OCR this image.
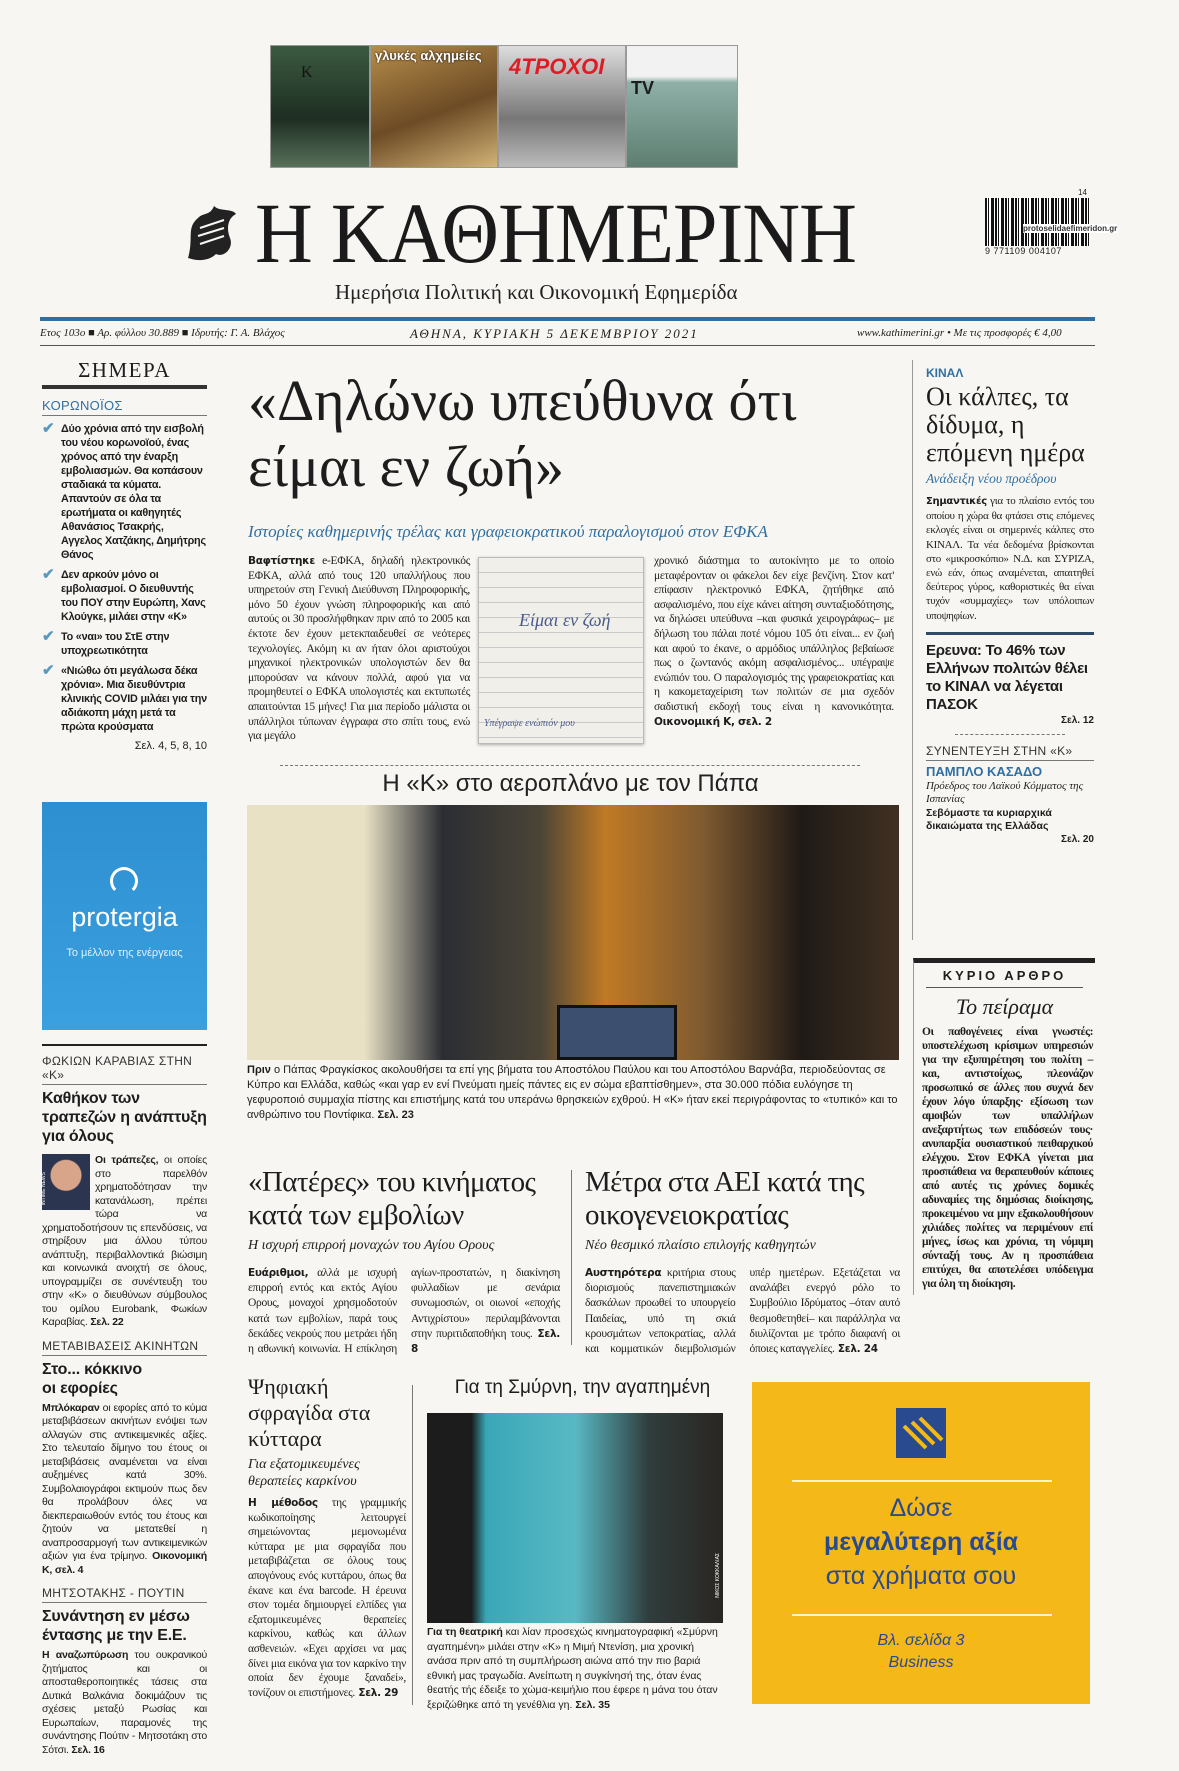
K
γλυκές αλχημείες 4ΤΡΟΧΟΙ
TV
Η ΚΑΘΗΜΕΡΙΝΗ
Ημερήσια Πολιτική και Οικονομική Εφημερίδα
protoselidaefimeridon.gr
9 771109 004107
14
Ετος 103ο ■ Αρ. φύλλου 30.889 ■ Ιδρυτής: Γ. Α. Βλάχος	ΑΘΗΝΑ, ΚΥΡΙΑΚΗ 5 ΔΕΚΕΜΒΡΙΟΥ 2021	www.kathimerini.gr • Με τις προσφορές € 4,00
ΣΗΜΕΡΑ
ΚΟΡΩΝΟΪΟΣ
✔ Δύο χρόνια από την εισβολή του νέου κορωνοϊού, ένας χρόνος από την έναρξη εμβολιασμών. Θα κοπάσουν σταδιακά τα κύματα. Απαντούν σε όλα τα ερωτήματα οι καθηγητές Αθανάσιος Τσακρής, Αγγελος Χατζάκης, Δημήτρης Θάνος
✔ Δεν αρκούν μόνο οι εμβολιασμοί. Ο διευθυντής του ΠΟΥ στην Ευρώπη, Χανς Κλούγκε, μιλάει στην «Κ»
✔ Το «ναι» του ΣτΕ στην υποχρεωτικότητα
✔ «Νιώθω ότι μεγάλωσα δέκα χρόνια». Μια διευθύντρια κλινικής COVID μιλάει για την αδιάκοπη μάχη μετά τα πρώτα κρούσματα
Σελ. 4, 5, 8, 10
protergia
Το μέλλον της ενέργειας
ΦΩΚΙΩΝ ΚΑΡΑΒΙΑΣ ΣΤΗΝ «Κ»
Καθήκον των τραπεζών η ανάπτυξη για όλους
INTIME NEWS
Οι τράπεζες, οι οποίες στο παρελθόν χρηματοδότησαν την κατανάλωση, πρέπει τώρα να χρηματοδοτήσουν τις επενδύσεις, να στηρίξουν μια άλλου τύπου ανάπτυξη, περιβαλλοντικά βιώσιμη και κοινωνικά ανοιχτή σε όλους, υπογραμμίζει σε συνέντευξη του στην «Κ» ο διευθύνων σύμβουλος του ομίλου Eurobank, Φωκίων Καραβίας. Σελ. 22
ΜΕΤΑΒΙΒΑΣΕΙΣ ΑΚΙΝΗΤΩΝ
Στο... κόκκινο οι εφορίες
Μπλόκαραν οι εφορίες από το κύμα μεταβιβάσεων ακινήτων ενόψει των αλλαγών στις αντικειμενικές αξίες. Στο τελευταίο δίμηνο του έτους οι μεταβιβάσεις αναμένεται να είναι αυξημένες κατά 30%. Συμβολαιογράφοι εκτιμούν πως δεν θα προλάβουν όλες να διεκπεραιωθούν εντός του έτους και ζητούν να μετατεθεί η αναπροσαρμογή των αντικειμενικών αξιών για ένα τρίμηνο. Οικονομική Κ, σελ. 4
ΜΗΤΣΟΤΑΚΗΣ - ΠΟΥΤΙΝ
Συνάντηση εν μέσω έντασης με την Ε.Ε.
Η αναζωπύρωση του ουκρανικού ζητήματος και οι αποσταθεροποιητικές τάσεις στα Δυτικά Βαλκάνια δοκιμάζουν τις σχέσεις μεταξύ Ρωσίας και Ευρωπαίων, παραμονές της συνάντησης Πούτιν - Μητσοτάκη στο Σότσι. Σελ. 16
«Δηλώνω υπεύθυνα ότι είμαι εν ζωή»
Ιστορίες καθημερινής τρέλας και γραφειοκρατικού παραλογισμού στον ΕΦΚΑ
Βαφτίστηκε e-ΕΦΚΑ, δηλαδή ηλεκτρονικός ΕΦΚΑ, αλλά από τους 120 υπαλλήλους που υπηρετούν στη Γενική Διεύθυνση Πληροφορικής, μόνο 50 έχουν γνώση πληροφορικής και από αυτούς οι 30 προσλήφθηκαν πριν από το 2005 και έκτοτε δεν έχουν μετεκπαιδευθεί σε νεότερες τεχνολογίες. Ακόμη κι αν ήταν όλοι αριστούχοι μηχανικοί ηλεκτρονικών υπολογιστών δεν θα μπορούσαν να κάνουν πολλά, αφού για να προμηθευτεί ο ΕΦΚΑ υπολογιστές και εκτυπωτές απαιτούνται 15 μήνες! Για μια περίοδο μάλιστα οι υπάλληλοι τύπωναν έγγραφα στο σπίτι τους, ενώ για μεγάλο
Είμαι εν ζωή
Υπέγραψε ενώπιόν μου
χρονικό διάστημα το αυτοκίνητο με το οποίο μεταφέρονταν οι φάκελοι δεν είχε βενζίνη. Στον κατ' επίφασιν ηλεκτρονικό ΕΦΚΑ, ζητήθηκε από ασφαλισμένο, που είχε κάνει αίτηση συνταξιοδότησης, να δηλώσει υπεύθυνα –και φυσικά χειρογράφως– με δήλωση του πάλαι ποτέ νόμου 105 ότι είναι... εν ζωή και αφού το έκανε, ο αρμόδιος υπάλληλος βεβαίωσε πως ο ζωντανός ακόμη ασφαλισμένος... υπέγραψε ενώπιόν του. Ο παραλογισμός της γραφειοκρατίας και η κακομεταχείριση των πολιτών σε μια σχεδόν σαδιστική εκδοχή τους είναι η κανονικότητα. Οικονομική Κ, σελ. 2
Η «Κ» στο αεροπλάνο με τον Πάπα
Πριν ο Πάπας Φραγκίσκος ακολουθήσει τα επί γης βήματα του Αποστόλου Παύλου και του Αποστόλου Βαρνάβα, περιοδεύοντας σε Κύπρο και Ελλάδα, καθώς «και γαρ εν ενί Πνεύματι ημείς πάντες εις εν σώμα εβαπτίσθημεν», στα 30.000 πόδια ευλόγησε τη γεφυροποιό συμμαχία πίστης και επιστήμης κατά του υπεράνω θρησκειών εχθρού. Η «Κ» ήταν εκεί περιγράφοντας το «τυπικό» και το ανθρώπινο του Ποντίφικα. Σελ. 23
«Πατέρες» του κινήματος κατά των εμβολίων
Η ισχυρή επιρροή μοναχών του Αγίου Ορους
Ευάριθμοι, αλλά με ισχυρή επιρροή εντός και εκτός Αγίου Ορους, μοναχοί χρησμοδοτούν κατά των εμβολίων, παρά τους δεκάδες νεκρούς που μετράει ήδη η αθωνική κοινωνία. Η επίκληση αγίων-προστατών, η διακίνηση φυλλαδίων με σενάρια συνωμοσιών, οι οιωνοί «εποχής Αντιχρίστου» περιλαμβάνονται στην πυριτιδαποθήκη τους. Σελ. 8
Μέτρα στα ΑΕΙ κατά της οικογενειοκρατίας
Νέο θεσμικό πλαίσιο επιλογής καθηγητών
Αυστηρότερα κριτήρια στους διορισμούς πανεπιστημιακών δασκάλων προωθεί το υπουργείο Παιδείας, υπό τη σκιά κρουσμάτων νεποκρατίας, αλλά και κομματικών διεμβολισμών υπέρ ημετέρων. Εξετάζεται να αναλάβει ενεργό ρόλο το Συμβούλιο Ιδρύματος –όταν αυτό θεσμοθετηθεί– και παράλληλα να διυλίζονται με τρόπο διαφανή οι όποιες καταγγελίες. Σελ. 24
Ψηφιακή σφραγίδα στα κύτταρα
Για εξατομικευμένες θεραπείες καρκίνου
Η μέθοδος της γραμμικής κωδικοποίησης λειτουργεί σημειώνοντας μεμονωμένα κύτταρα με μια σφραγίδα που μεταβιβάζεται σε όλους τους απογόνους ενός κυττάρου, όπως θα έκανε και ένα barcode. Η έρευνα στον τομέα δημιουργεί ελπίδες για εξατομικευμένες θεραπείες καρκίνου, καθώς και άλλων ασθενειών. «Εχει αρχίσει να μας δίνει μια εικόνα για τον καρκίνο την οποία δεν έχουμε ξαναδεί», τονίζουν οι επιστήμονες. Σελ. 29
Για τη Σμύρνη, την αγαπημένη
ΝΙΚΟΣ ΚΟΚΚΑΛΙΑΣ
Για τη θεατρική και λίαν προσεχώς κινηματογραφική «Σμύρνη αγαπημένη» μιλάει στην «Κ» η Μιμή Ντενίση, μια χρονική ανάσα πριν από τη συμπλήρωση αιώνα από την πιο βαριά εθνική μας τραγωδία. Ανείπωτη η συγκίνησή της, όταν ένας θεατής τής έδειξε το χώμα-κειμήλιο που έφερε η μάνα του όταν ξεριζώθηκε από τη γενέθλια γη. Σελ. 35
ΚΙΝΑΛ
Οι κάλπες, τα δίδυμα, η επόμενη ημέρα
Ανάδειξη νέου προέδρου
Σημαντικές για το πλαίσιο εντός του οποίου η χώρα θα φτάσει στις επόμενες εκλογές είναι οι σημερινές κάλπες στο ΚΙΝΑΛ. Τα νέα δεδομένα βρίσκονται στο «μικροσκόπιο» Ν.Δ. και ΣΥΡΙΖΑ, ενώ εάν, όπως αναμένεται, απαιτηθεί δεύτερος γύρος, καθοριστικές θα είναι τυχόν «συμμαχίες» των υπόλοιπων υποψηφίων.
Ερευνα: Το 46% των Ελλήνων πολιτών θέλει το ΚΙΝΑΛ να λέγεται ΠΑΣΟΚ
Σελ. 12
ΣΥΝΕΝΤΕΥΞΗ ΣΤΗΝ «Κ»
ΠΑΜΠΛΟ ΚΑΣΑΔΟ
Πρόεδρος του Λαϊκού Κόμματος της Ισπανίας
Σεβόμαστε τα κυριαρχικά δικαιώματα της Ελλάδας
Σελ. 20
ΚΥΡΙΟ ΑΡΘΡΟ
Το πείραμα
Οι παθογένειες είναι γνωστές: υποστελέχωση κρίσιμων υπηρεσιών για την εξυπηρέτηση του πολίτη – και, αντιστοίχως, πλεονάζον προσωπικό σε άλλες που συχνά δεν έχουν λόγο ύπαρξης· εξίσωση των αμοιβών των υπαλλήλων ανεξαρτήτως των επιδόσεών τους· ανυπαρξία ουσιαστικού πειθαρχικού ελέγχου. Στον ΕΦΚΑ γίνεται μια προσπάθεια να θεραπευθούν κάποιες από αυτές τις χρόνιες δομικές αδυναμίες της δημόσιας διοίκησης, προκειμένου να μην εξακολουθήσουν χιλιάδες πολίτες να περιμένουν επί μήνες, ίσως και χρόνια, τη νόμιμη σύνταξή τους. Αν η προσπάθεια επιτύχει, θα αποτελέσει υπόδειγμα για όλη τη διοίκηση.
Δώσε
μεγαλύτερη αξία
στα χρήματα σου
Βλ. σελίδα 3
Business
